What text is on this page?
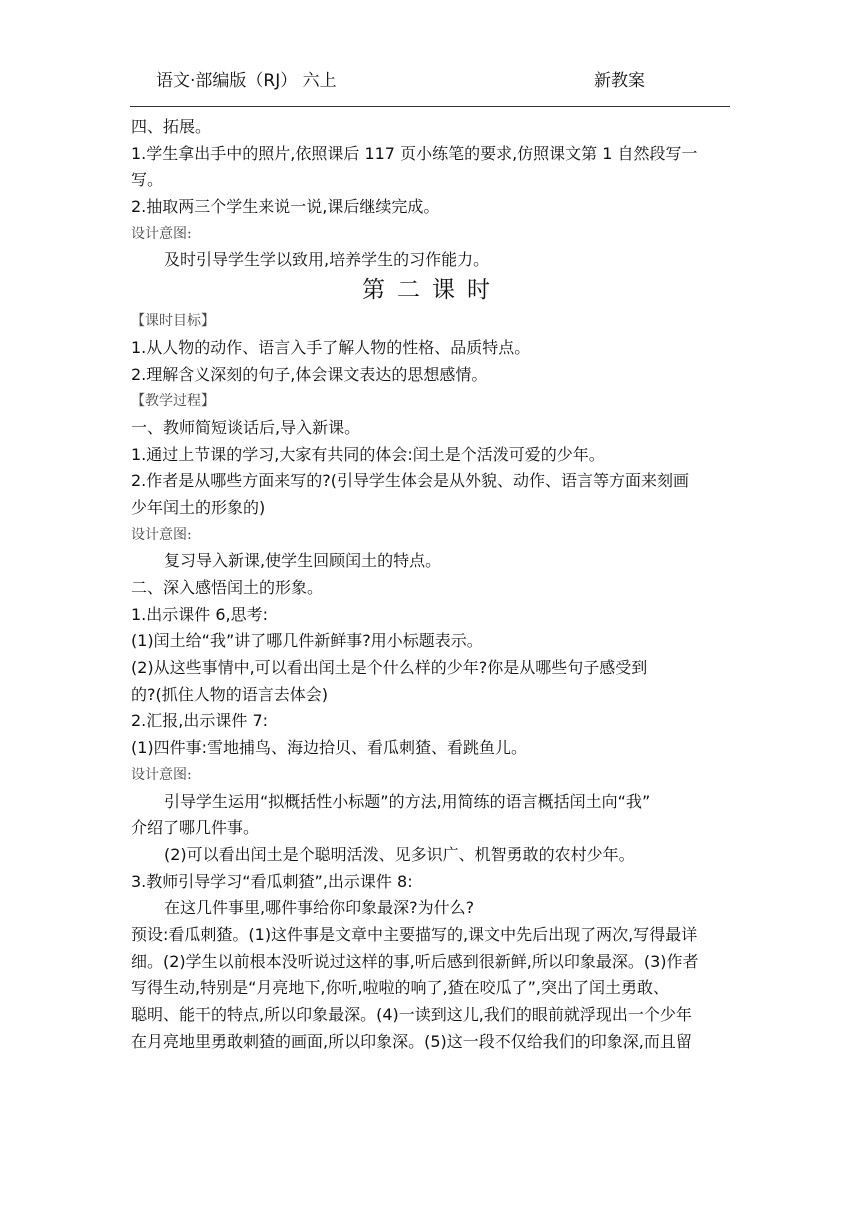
语文·部编版（RJ） 六上	新教案
四、拓展。
1.学生拿出手中的照片,依照课后 117 页小练笔的要求,仿照课文第 1 自然段写一
写。
2.抽取两三个学生来说一说,课后继续完成。
设计意图:
及时引导学生学以致用,培养学生的习作能力。
第二课时
【课时目标】
1.从人物的动作、语言入手了解人物的性格、品质特点。
2.理解含义深刻的句子,体会课文表达的思想感情。
【教学过程】
一、教师简短谈话后,导入新课。
1.通过上节课的学习,大家有共同的体会:闰土是个活泼可爱的少年。
2.作者是从哪些方面来写的?(引导学生体会是从外貌、动作、语言等方面来刻画
少年闰土的形象的)
设计意图:
复习导入新课,使学生回顾闰土的特点。
二、深入感悟闰土的形象。
1.出示课件 6,思考:
(1)闰土给“我”讲了哪几件新鲜事?用小标题表示。
(2)从这些事情中,可以看出闰土是个什么样的少年?你是从哪些句子感受到
的?(抓住人物的语言去体会)
2.汇报,出示课件 7:
(1)四件事:雪地捕鸟、海边拾贝、看瓜刺猹、看跳鱼儿。
设计意图:
引导学生运用“拟概括性小标题”的方法,用简练的语言概括闰土向“我”
介绍了哪几件事。
(2)可以看出闰土是个聪明活泼、见多识广、机智勇敢的农村少年。
3.教师引导学习“看瓜刺猹”,出示课件 8:
在这几件事里,哪件事给你印象最深?为什么?
预设:看瓜刺猹。(1)这件事是文章中主要描写的,课文中先后出现了两次,写得最详
细。(2)学生以前根本没听说过这样的事,听后感到很新鲜,所以印象最深。(3)作者
写得生动,特别是“月亮地下,你听,啦啦的响了,猹在咬瓜了”,突出了闰土勇敢、
聪明、能干的特点,所以印象最深。(4)一读到这儿,我们的眼前就浮现出一个少年
在月亮地里勇敢刺猹的画面,所以印象深。(5)这一段不仅给我们的印象深,而且留
